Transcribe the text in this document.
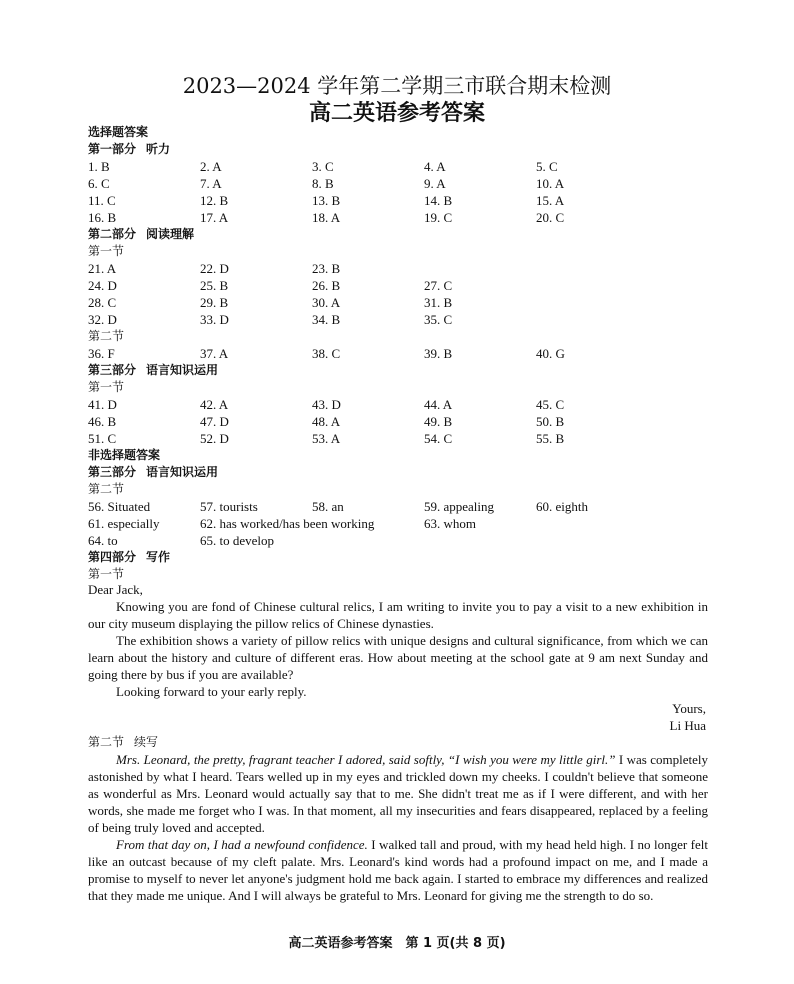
2023—2024 学年第二学期三市联合期末检测
高二英语参考答案
选择题答案
第一部分 听力
1. B	2. A	3. C	4. A	5. C
6. C	7. A	8. B	9. A	10. A
11. C	12. B	13. B	14. B	15. A
16. B	17. A	18. A	19. C	20. C
第二部分 阅读理解
第一节
21. A	22. D	23. B
24. D	25. B	26. B	27. C
28. C	29. B	30. A	31. B
32. D	33. D	34. B	35. C
第二节
36. F	37. A	38. C	39. B	40. G
第三部分 语言知识运用
第一节
41. D	42. A	43. D	44. A	45. C
46. B	47. D	48. A	49. B	50. B
51. C	52. D	53. A	54. C	55. B
非选择题答案
第三部分 语言知识运用
第二节
56. Situated	57. tourists	58. an	59. appealing	60. eighth
61. especially	62. has worked/has been working	63. whom
64. to	65. to develop
第四部分 写作
第一节
Dear Jack,

Knowing you are fond of Chinese cultural relics, I am writing to invite you to pay a visit to a new exhibition in our city museum displaying the pillow relics of Chinese dynasties.

The exhibition shows a variety of pillow relics with unique designs and cultural significance, from which we can learn about the history and culture of different eras. How about meeting at the school gate at 9 am next Sunday and going there by bus if you are available?

Looking forward to your early reply.

Yours,
Li Hua
第二节 续写

Mrs. Leonard, the pretty, fragrant teacher I adored, said softly, “I wish you were my little girl.” I was completely astonished by what I heard. Tears welled up in my eyes and trickled down my cheeks. I couldn't believe that someone as wonderful as Mrs. Leonard would actually say that to me. She didn't treat me as if I were different, and with her words, she made me forget who I was. In that moment, all my insecurities and fears disappeared, replaced by a feeling of being truly loved and accepted.

From that day on, I had a newfound confidence. I walked tall and proud, with my head held high. I no longer felt like an outcast because of my cleft palate. Mrs. Leonard's kind words had a profound impact on me, and I made a promise to myself to never let anyone's judgment hold me back again. I started to embrace my differences and realized that they made me unique. And I will always be grateful to Mrs. Leonard for giving me the strength to do so.

高二英语参考答案　第 1 页(共 8 页)
